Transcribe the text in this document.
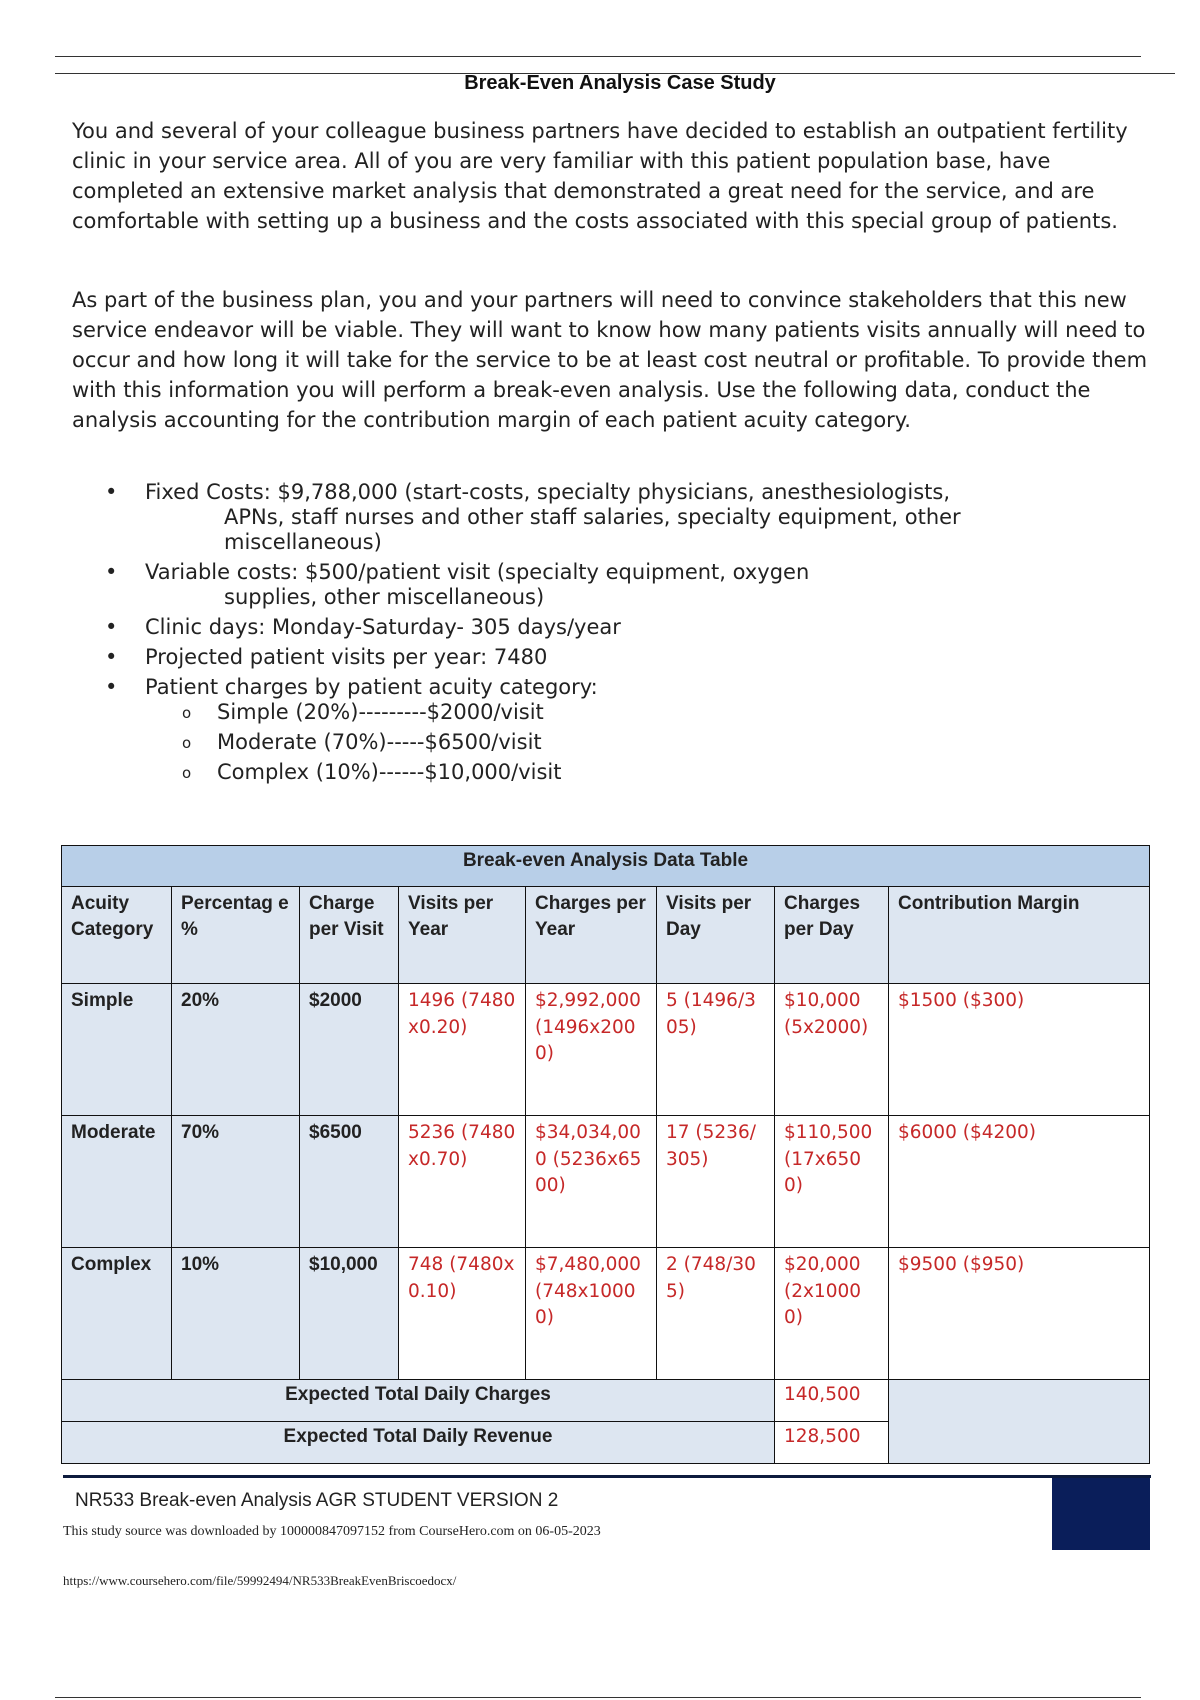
Break-Even Analysis Case Study

You and several of your colleague business partners have decided to establish an outpatient fertility clinic in your service area. All of you are very familiar with this patient population base, have completed an extensive market analysis that demonstrated a great need for the service, and are comfortable with setting up a business and the costs associated with this special group of patients.

As part of the business plan, you and your partners will need to convince stakeholders that this new service endeavor will be viable. They will want to know how many patients visits annually will need to occur and how long it will take for the service to be at least cost neutral or profitable. To provide them with this information you will perform a break-even analysis. Use the following data, conduct the analysis accounting for the contribution margin of each patient acuity category.

• Fixed Costs: $9,788,000 (start-costs, specialty physicians, anesthesiologists,
APNs, staff nurses and other staff salaries, specialty equipment, other miscellaneous)
• Variable costs: $500/patient visit (specialty equipment, oxygen
supplies, other miscellaneous)
• Clinic days: Monday-Saturday- 305 days/year
• Projected patient visits per year: 7480
• Patient charges by patient acuity category:
o Simple (20%)---------$2000/visit
o Moderate (70%)-----$6500/visit
o Complex (10%)------$10,000/visit
Break-even Analysis Data Table							
Acuity Category	Percentag e %	Charge per Visit	Visits per Year	Charges per Year	Visits per Day	Charges per Day	Contribution Margin
Simple	20%	$2000	1496 (7480x0.20)	$2,992,000 (1496x2000)	5 (1496/305)	$10,000 (5x2000)	$1500 ($300)
Moderate	70%	$6500	5236 (7480x0.70)	$34,034,00 0 (5236x6500)	17 (5236/305)	$110,500 (17x6500)	$6000 ($4200)
Complex	10%	$10,000	748 (7480x0.10)	$7,480,000 (748x10000)	2 (748/305)	$20,000 (2x10000)	$9500 ($950)
Expected Total Daily Charges						140,500	
Expected Total Daily Revenue						128,500	
NR533 Break-even Analysis AGR STUDENT VERSION 2
This study source was downloaded by 100000847097152 from CourseHero.com on 06-05-2023
https://www.coursehero.com/file/59992494/NR533BreakEvenBriscoedocx/
